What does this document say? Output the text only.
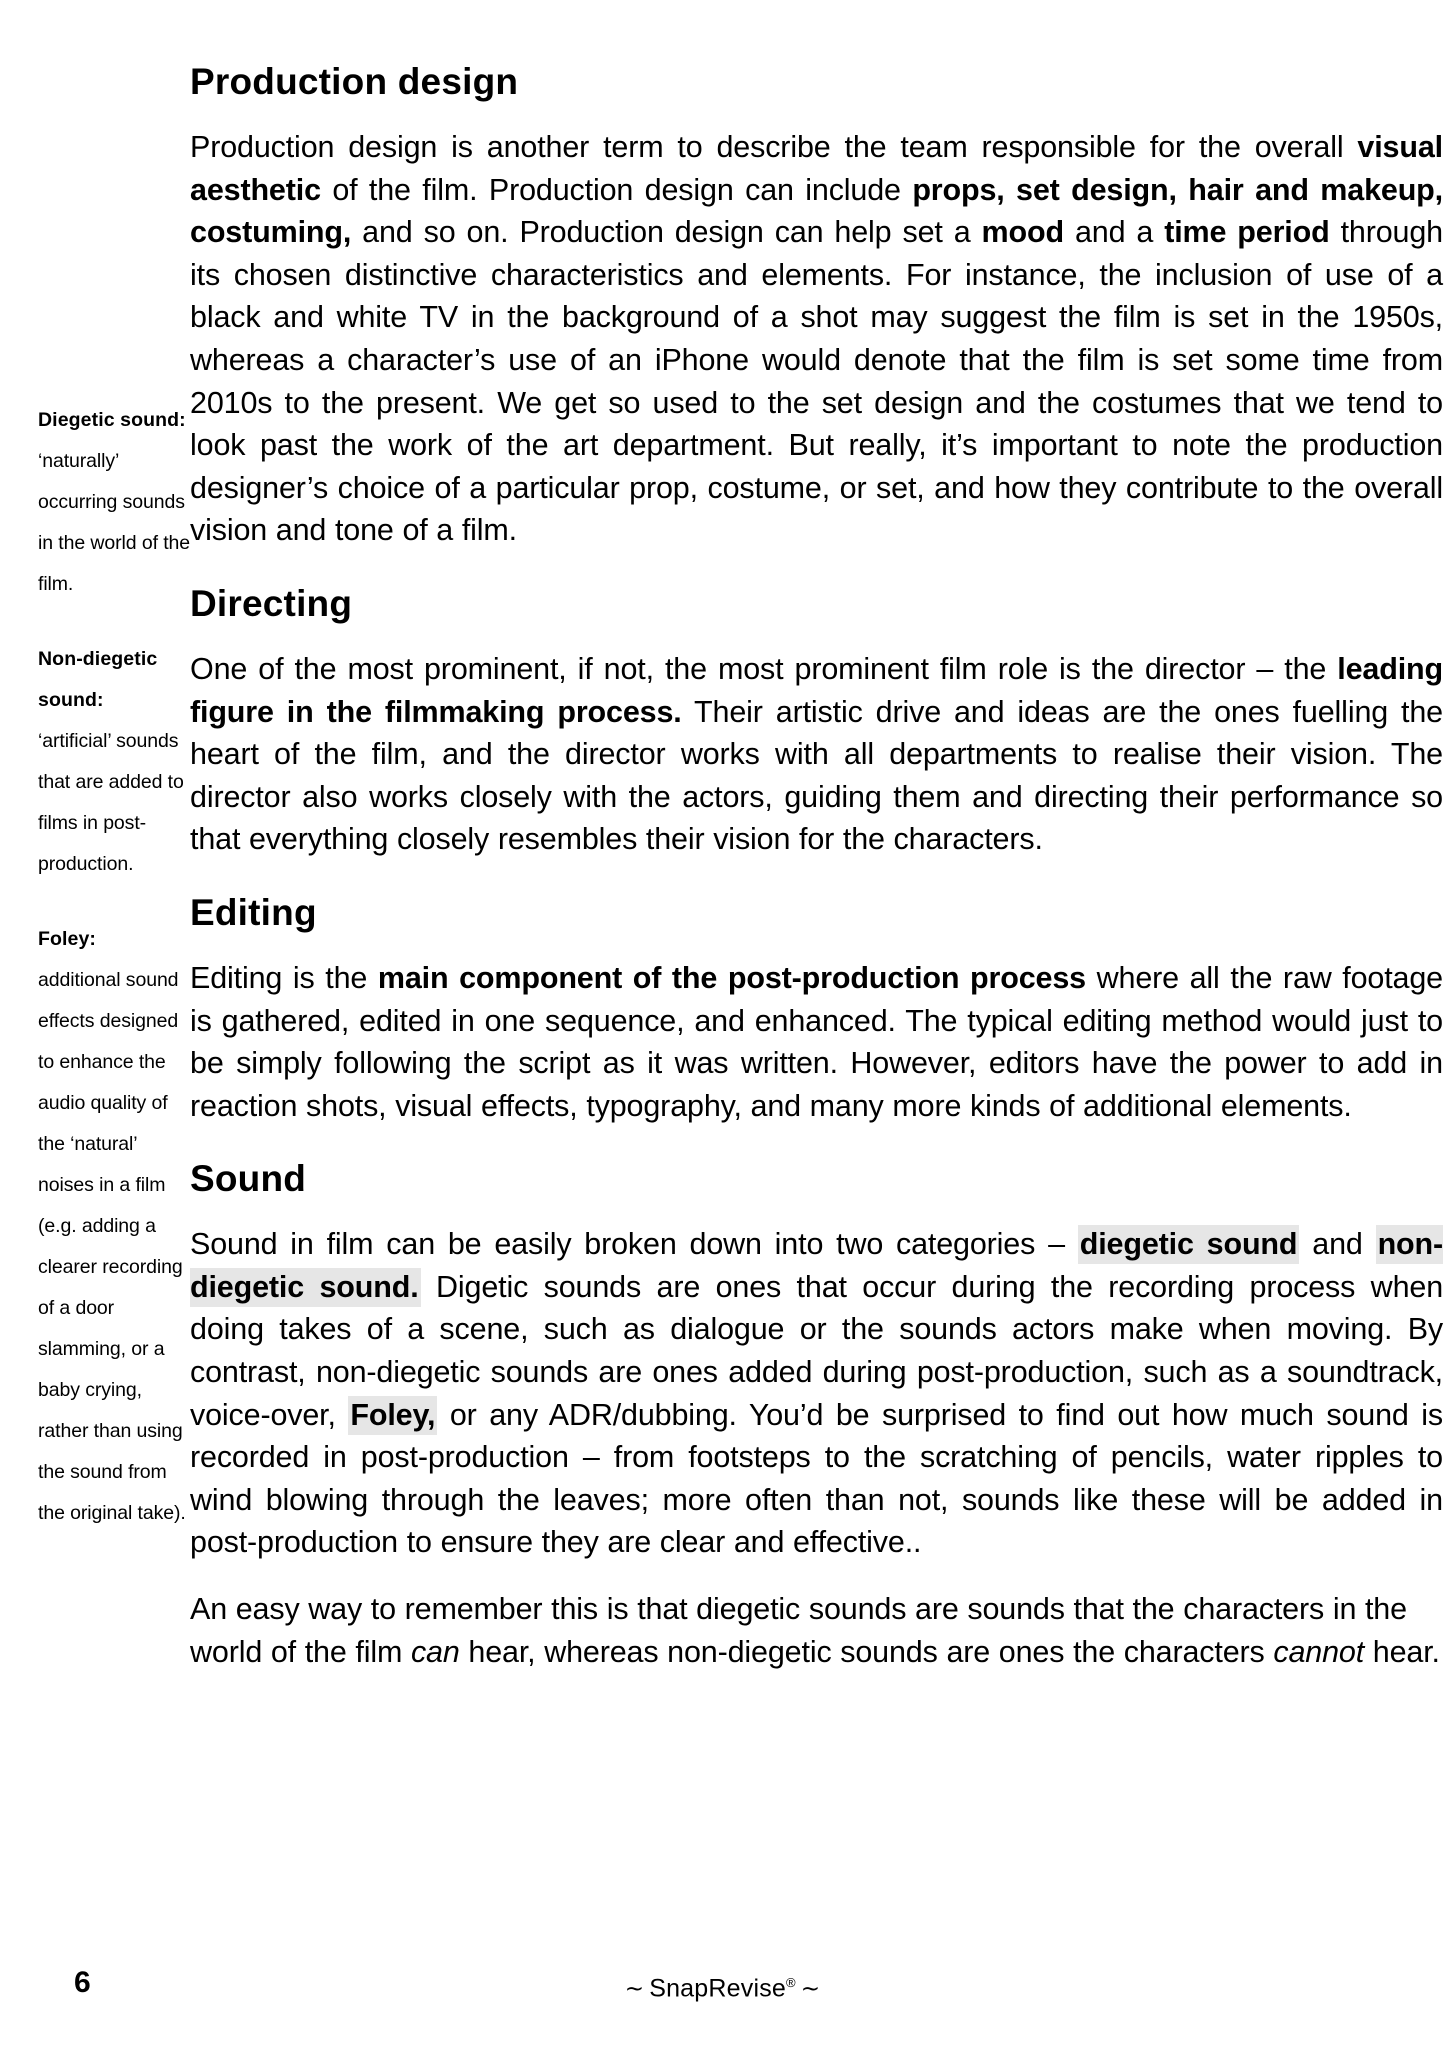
Diegetic sound:
‘naturally’ occurring sounds in the world of the film.
Non-diegetic sound:
‘artificial’ sounds that are added to films in post-production.
Foley:
additional sound effects designed to enhance the audio quality of the ‘natural’ noises in a film (e.g. adding a clearer recording of a door slamming, or a baby crying, rather than using the sound from the original take).
Production design

Production design is another term to describe the team responsible for the overall visual aesthetic of the film. Production design can include props, set design, hair and makeup, costuming, and so on. Production design can help set a mood and a time period through its chosen distinctive characteristics and elements. For instance, the inclusion of use of a black and white TV in the background of a shot may suggest the film is set in the 1950s, whereas a character’s use of an iPhone would denote that the film is set some time from 2010s to the present. We get so used to the set design and the costumes that we tend to look past the work of the art department. But really, it’s important to note the production designer’s choice of a particular prop, costume, or set, and how they contribute to the overall vision and tone of a film.

Directing

One of the most prominent, if not, the most prominent film role is the director – the leading figure in the filmmaking process. Their artistic drive and ideas are the ones fuelling the heart of the film, and the director works with all departments to realise their vision. The director also works closely with the actors, guiding them and directing their performance so that everything closely resembles their vision for the characters.

Editing

Editing is the main component of the post-production process where all the raw footage is gathered, edited in one sequence, and enhanced. The typical editing method would just to be simply following the script as it was written. However, editors have the power to add in reaction shots, visual effects, typography, and many more kinds of additional elements.

Sound

Sound in film can be easily broken down into two categories – diegetic sound and non-diegetic sound. Digetic sounds are ones that occur during the recording process when doing takes of a scene, such as dialogue or the sounds actors make when moving. By contrast, non-diegetic sounds are ones added during post-production, such as a soundtrack, voice-over, Foley, or any ADR/dubbing. You’d be surprised to find out how much sound is recorded in post-production – from footsteps to the scratching of pencils, water ripples to wind blowing through the leaves; more often than not, sounds like these will be added in post-production to ensure they are clear and effective..

An easy way to remember this is that diegetic sounds are sounds that the characters in the world of the film can hear, whereas non-diegetic sounds are ones the characters cannot hear.

6	∼ SnapRevise® ∼
